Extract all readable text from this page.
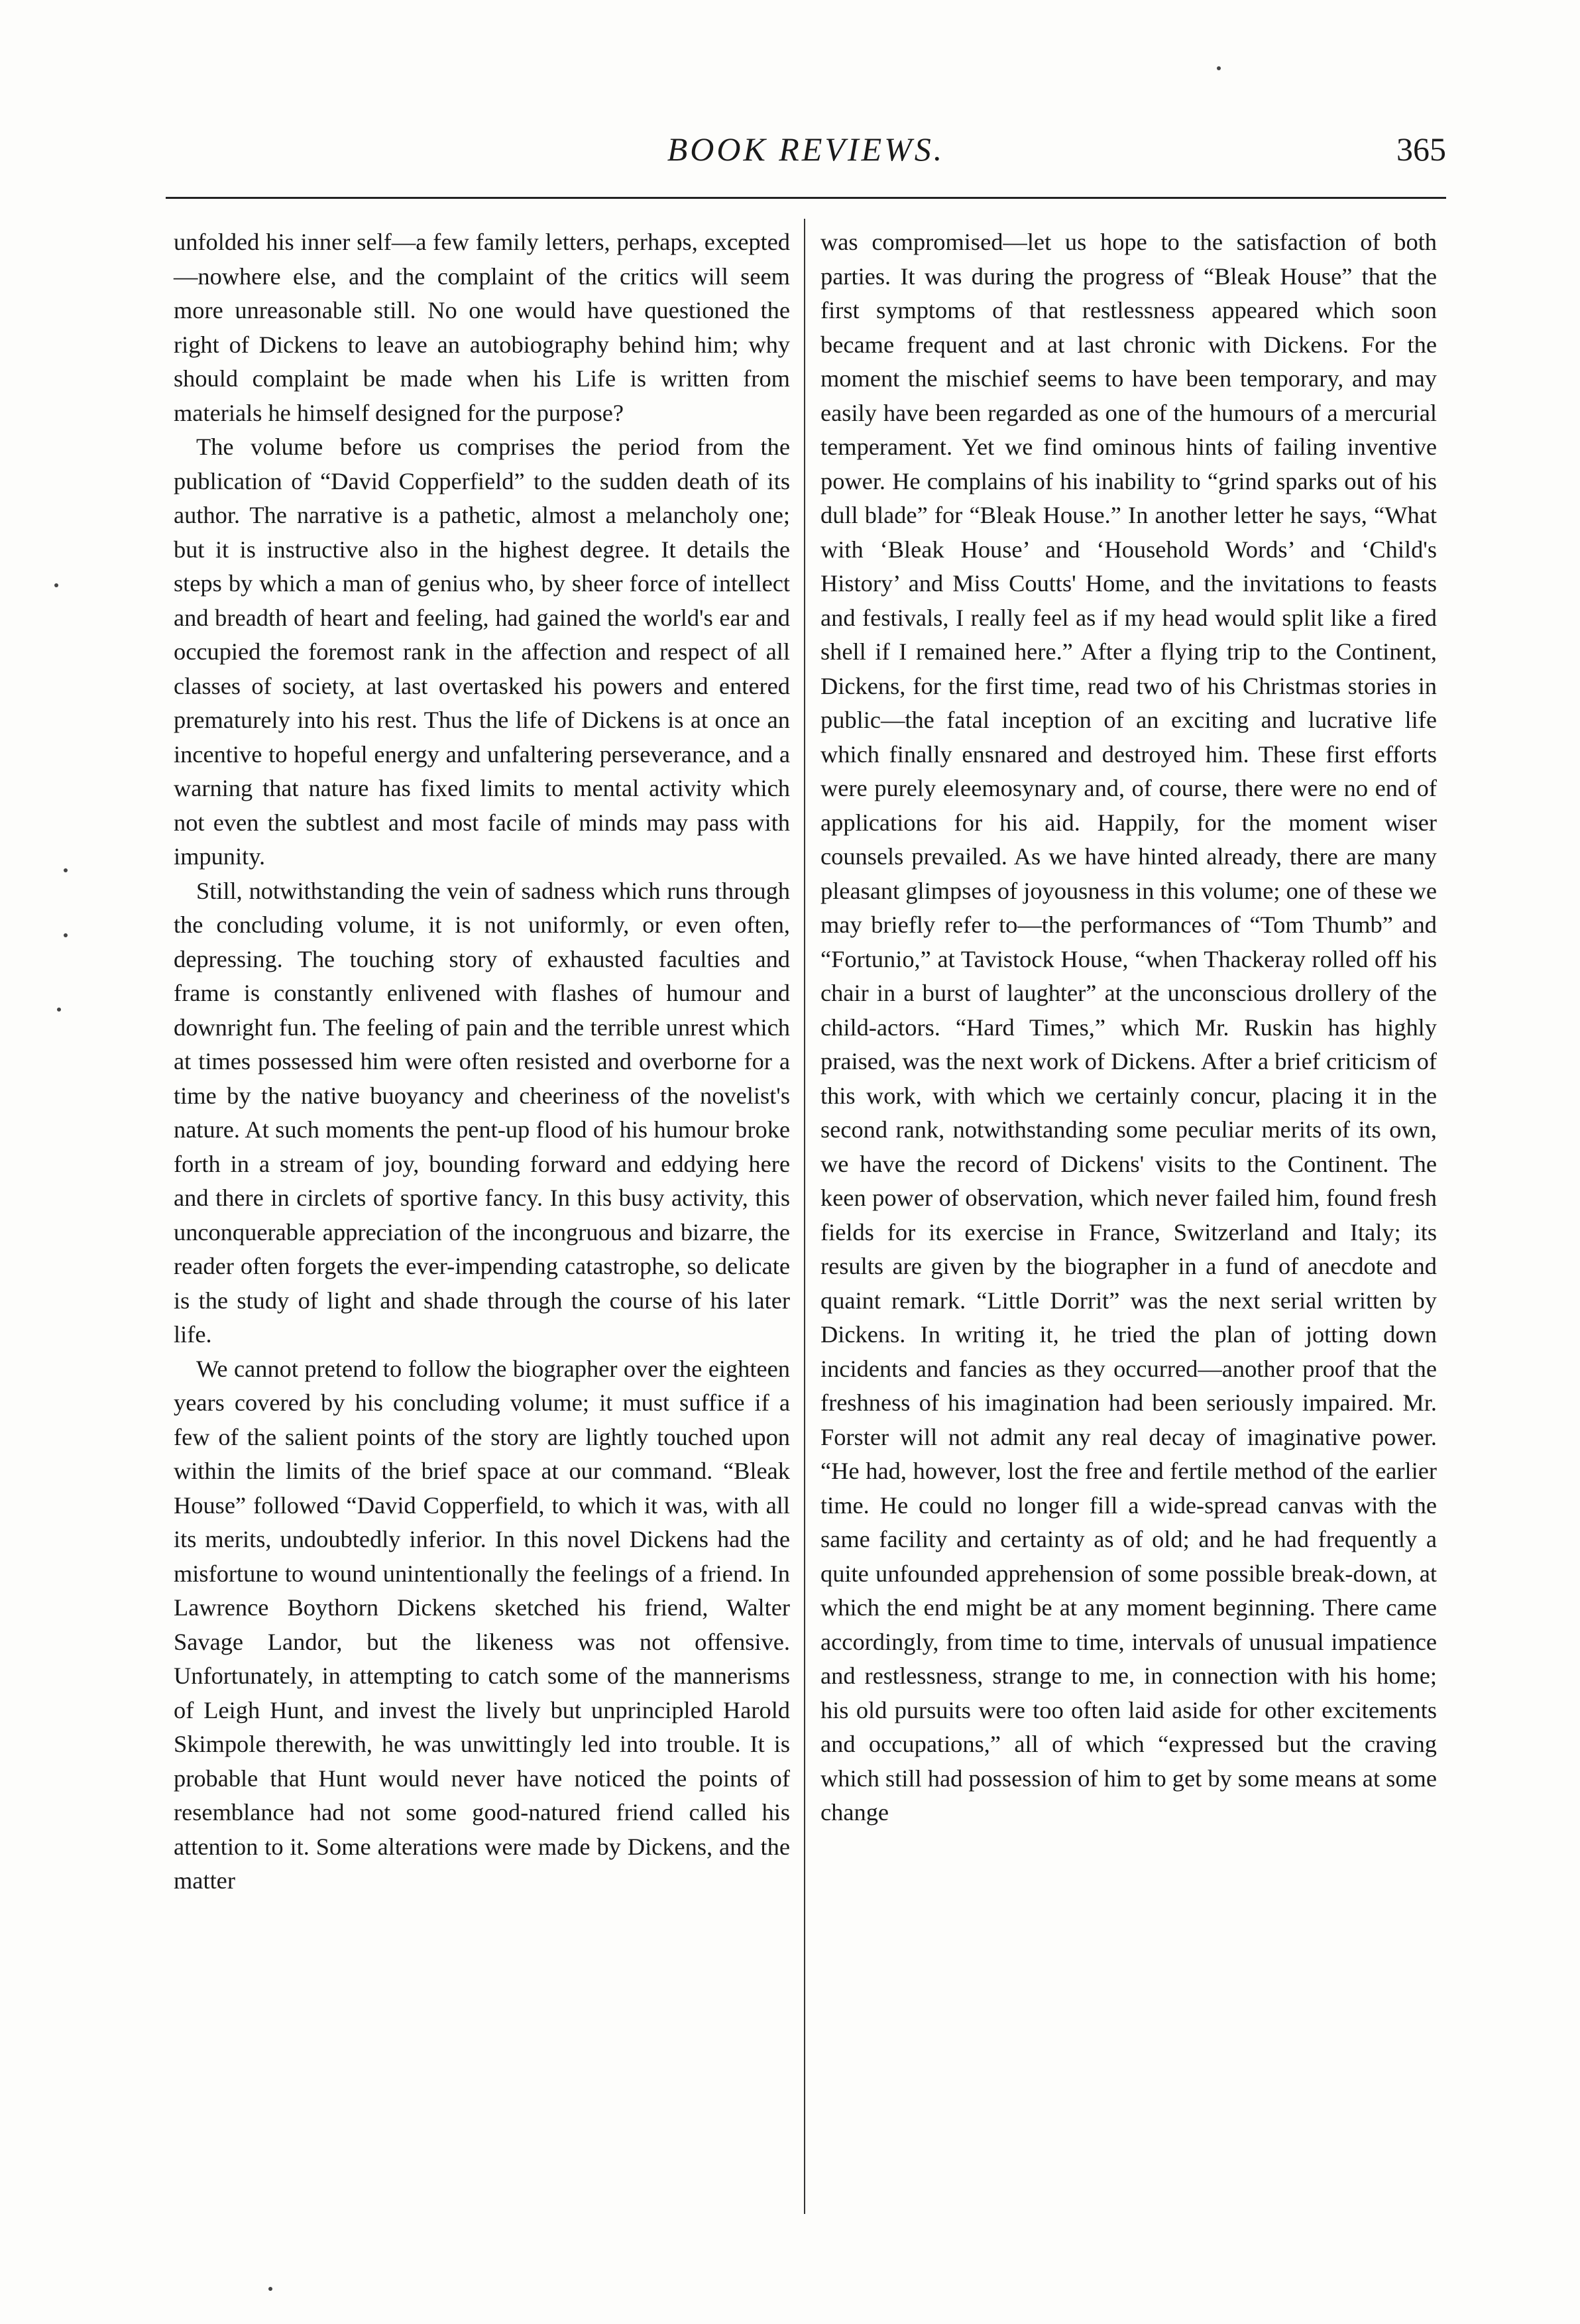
BOOK REVIEWS.	365

unfolded his inner self—a few family letters, perhaps, excepted—nowhere else, and the complaint of the critics will seem more unreasonable still. No one would have questioned the right of Dickens to leave an autobiography behind him; why should complaint be made when his Life is written from materials he himself designed for the purpose?

The volume before us comprises the period from the publication of “David Copperfield” to the sudden death of its author. The narrative is a pathetic, almost a melancholy one; but it is instructive also in the highest degree. It details the steps by which a man of genius who, by sheer force of intellect and breadth of heart and feeling, had gained the world's ear and occupied the foremost rank in the affection and respect of all classes of society, at last overtasked his powers and entered prematurely into his rest. Thus the life of Dickens is at once an incentive to hopeful energy and unfaltering perseverance, and a warning that nature has fixed limits to mental activity which not even the subtlest and most facile of minds may pass with impunity.

Still, notwithstanding the vein of sadness which runs through the concluding volume, it is not uniformly, or even often, depressing. The touching story of exhausted faculties and frame is constantly enlivened with flashes of humour and downright fun. The feeling of pain and the terrible unrest which at times possessed him were often resisted and overborne for a time by the native buoyancy and cheeriness of the novelist's nature. At such moments the pent-up flood of his humour broke forth in a stream of joy, bounding forward and eddying here and there in circlets of sportive fancy. In this busy activity, this unconquerable appreciation of the incongruous and bizarre, the reader often forgets the ever-impending catastrophe, so delicate is the study of light and shade through the course of his later life.

We cannot pretend to follow the biographer over the eighteen years covered by his concluding volume; it must suffice if a few of the salient points of the story are lightly touched upon within the limits of the brief space at our command. “Bleak House” followed “David Copperfield, to which it was, with all its merits, undoubtedly inferior. In this novel Dickens had the misfortune to wound unintentionally the feelings of a friend. In Lawrence Boythorn Dickens sketched his friend, Walter Savage Landor, but the likeness was not offensive. Unfortunately, in attempting to catch some of the mannerisms of Leigh Hunt, and invest the lively but unprincipled Harold Skimpole therewith, he was unwittingly led into trouble. It is probable that Hunt would never have noticed the points of resemblance had not some good-natured friend called his attention to it. Some alterations were made by Dickens, and the matter

was compromised—let us hope to the satisfaction of both parties. It was during the progress of “Bleak House” that the first symptoms of that restlessness appeared which soon became frequent and at last chronic with Dickens. For the moment the mischief seems to have been temporary, and may easily have been regarded as one of the humours of a mercurial temperament. Yet we find ominous hints of failing inventive power. He complains of his inability to “grind sparks out of his dull blade” for “Bleak House.” In another letter he says, “What with ‘Bleak House’ and ‘Household Words’ and ‘Child's History’ and Miss Coutts' Home, and the invitations to feasts and festivals, I really feel as if my head would split like a fired shell if I remained here.” After a flying trip to the Continent, Dickens, for the first time, read two of his Christmas stories in public—the fatal inception of an exciting and lucrative life which finally ensnared and destroyed him. These first efforts were purely eleemosynary and, of course, there were no end of applications for his aid. Happily, for the moment wiser counsels prevailed. As we have hinted already, there are many pleasant glimpses of joyousness in this volume; one of these we may briefly refer to—the performances of “Tom Thumb” and “Fortunio,” at Tavistock House, “when Thackeray rolled off his chair in a burst of laughter” at the unconscious drollery of the child-actors. “Hard Times,” which Mr. Ruskin has highly praised, was the next work of Dickens. After a brief criticism of this work, with which we certainly concur, placing it in the second rank, notwithstanding some peculiar merits of its own, we have the record of Dickens' visits to the Continent. The keen power of observation, which never failed him, found fresh fields for its exercise in France, Switzerland and Italy; its results are given by the biographer in a fund of anecdote and quaint remark. “Little Dorrit” was the next serial written by Dickens. In writing it, he tried the plan of jotting down incidents and fancies as they occurred—another proof that the freshness of his imagination had been seriously impaired. Mr. Forster will not admit any real decay of imaginative power. “He had, however, lost the free and fertile method of the earlier time. He could no longer fill a wide-spread canvas with the same facility and certainty as of old; and he had frequently a quite unfounded apprehension of some possible break-down, at which the end might be at any moment beginning. There came accordingly, from time to time, intervals of unusual impatience and restlessness, strange to me, in connection with his home; his old pursuits were too often laid aside for other excitements and occupations,” all of which “expressed but the craving which still had possession of him to get by some means at some change
